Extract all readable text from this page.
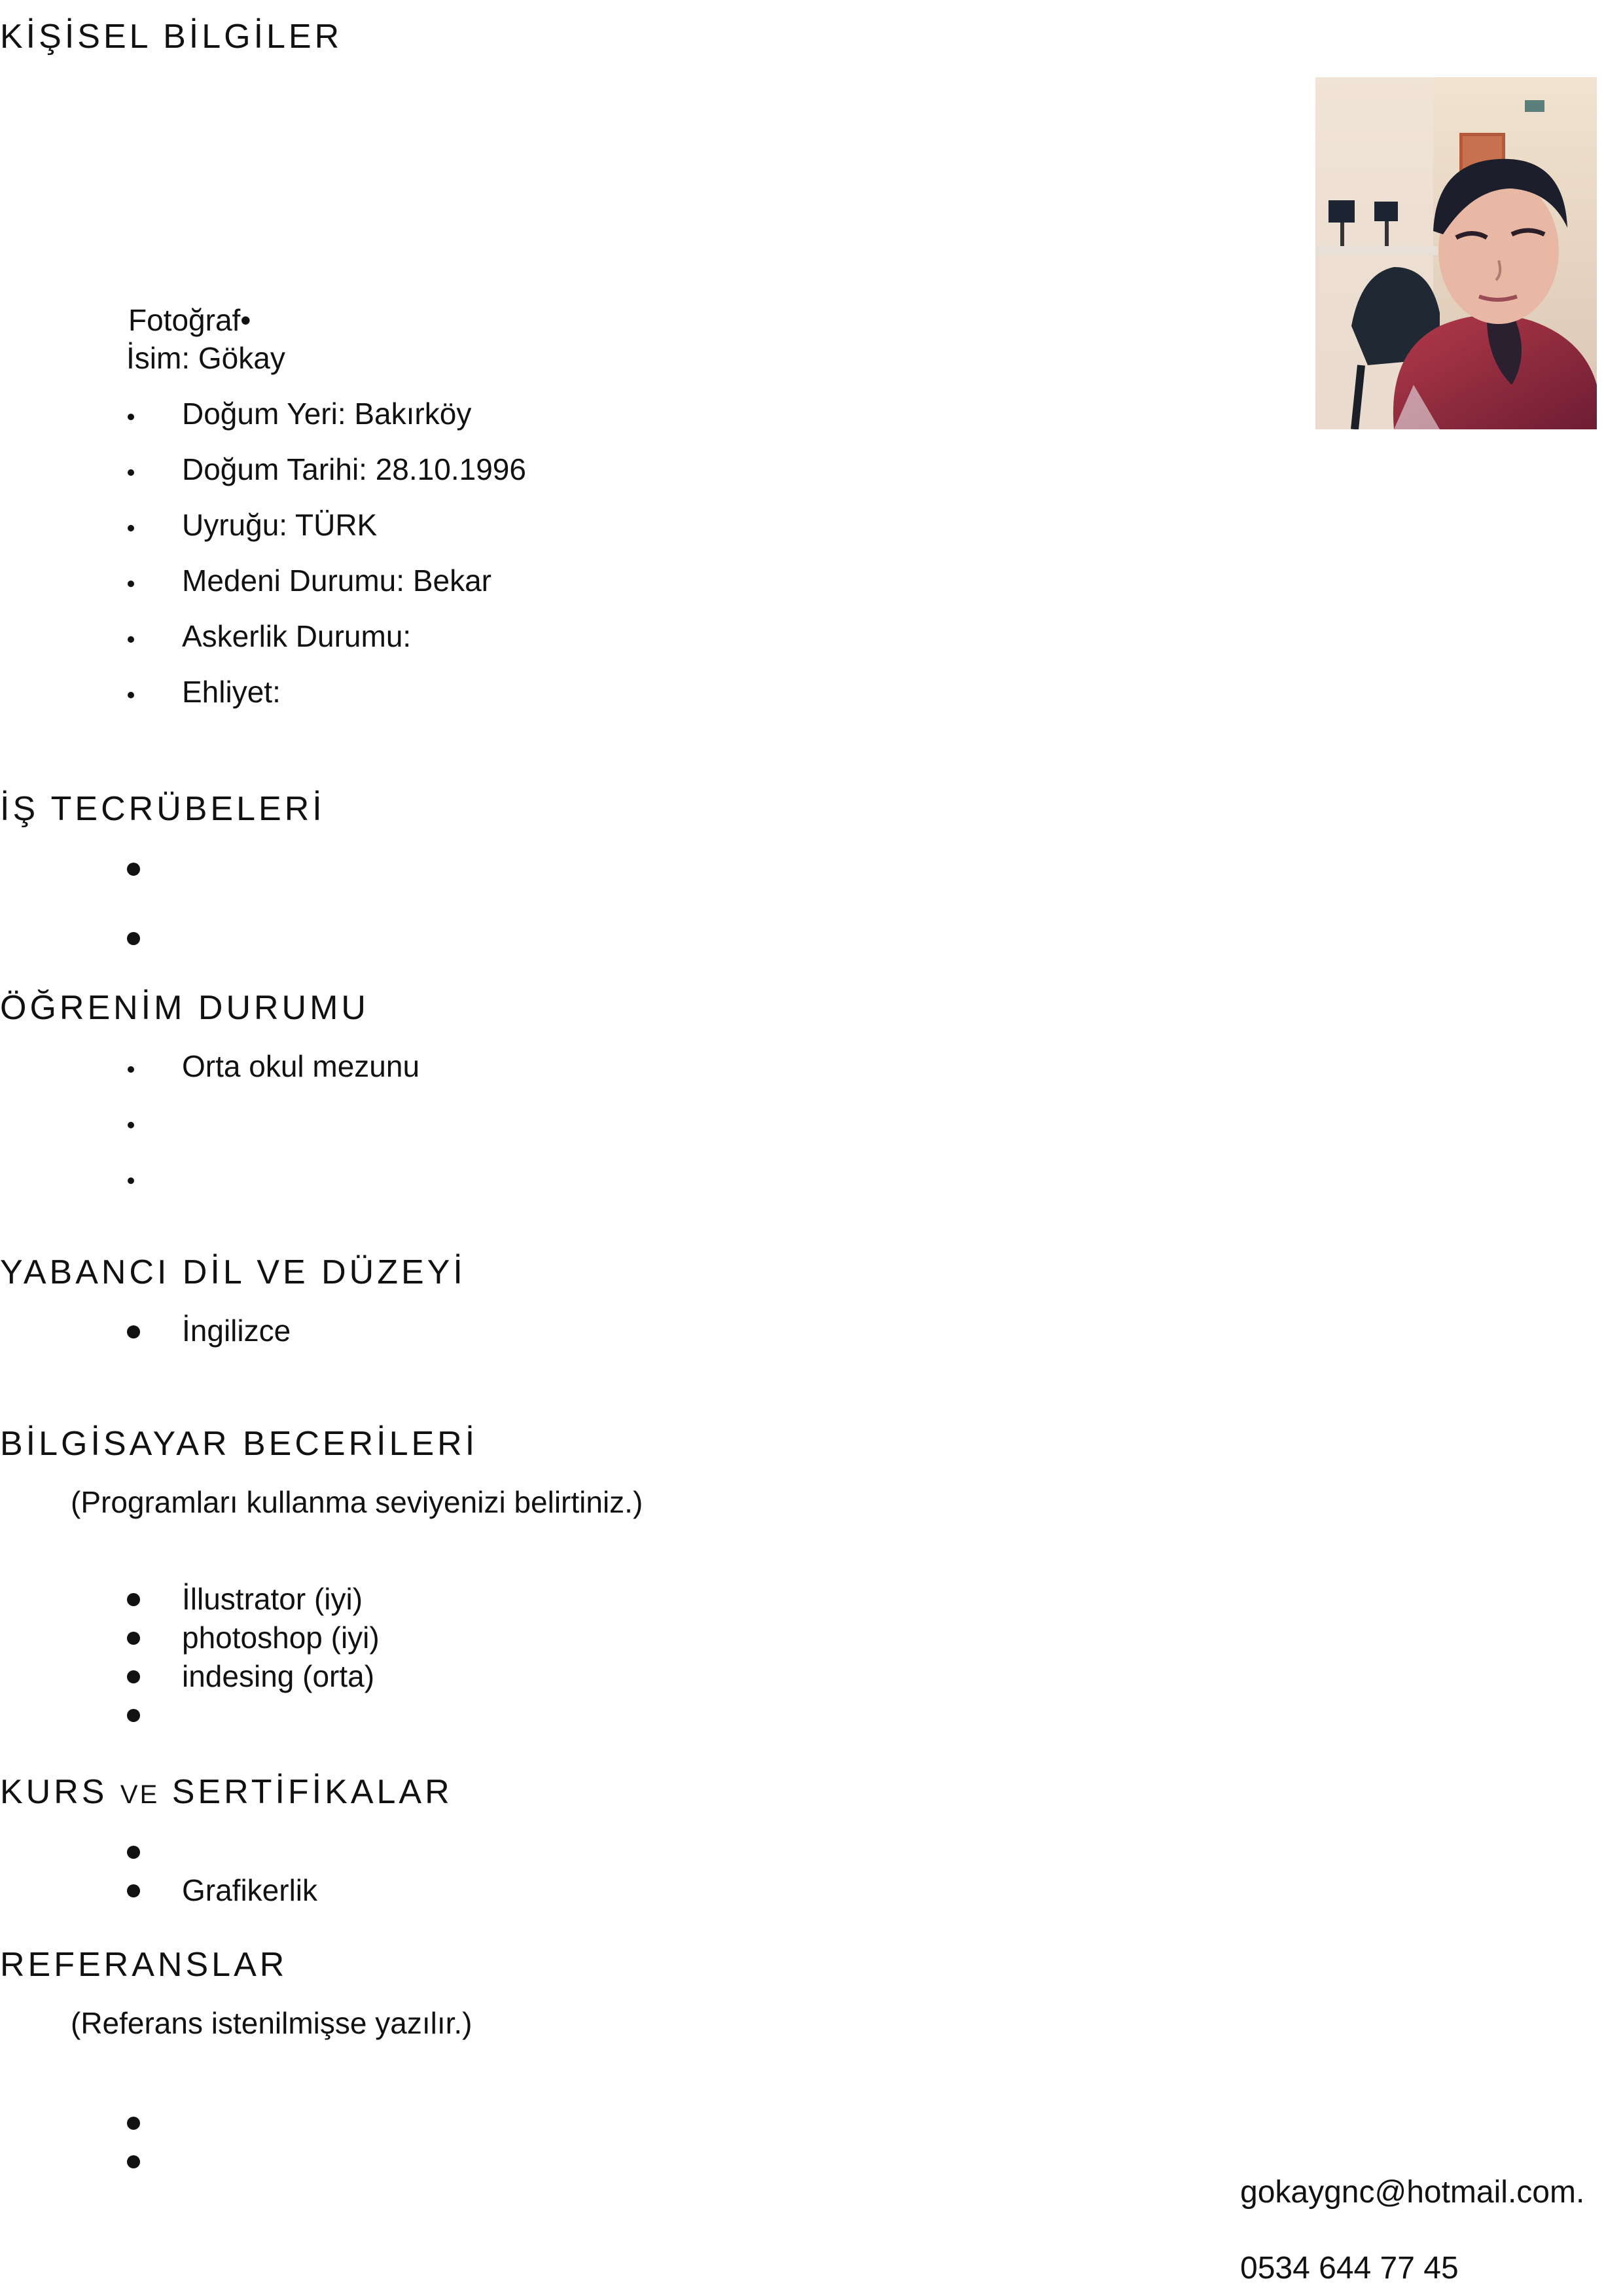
KİŞİSEL BİLGİLER
Fotoğraf•
İsim: Gökay
Doğum Yeri: Bakırköy
Doğum Tarihi: 28.10.1996
Uyruğu: TÜRK
Medeni Durumu: Bekar
Askerlik Durumu:
Ehliyet:
İŞ TECRÜBELERİ
ÖĞRENİM DURUMU
Orta okul mezunu
YABANCI DİL VE DÜZEYİ
İngilizce
BİLGİSAYAR BECERİLERİ
(Programları kullanma seviyenizi belirtiniz.)
İllustrator (iyi)
photoshop (iyi)
indesing (orta)
KURS VE SERTİFİKALAR
Grafikerlik
REFERANSLAR
(Referans istenilmişse yazılır.)
gokaygnc@hotmail.com.
0534 644 77 45
